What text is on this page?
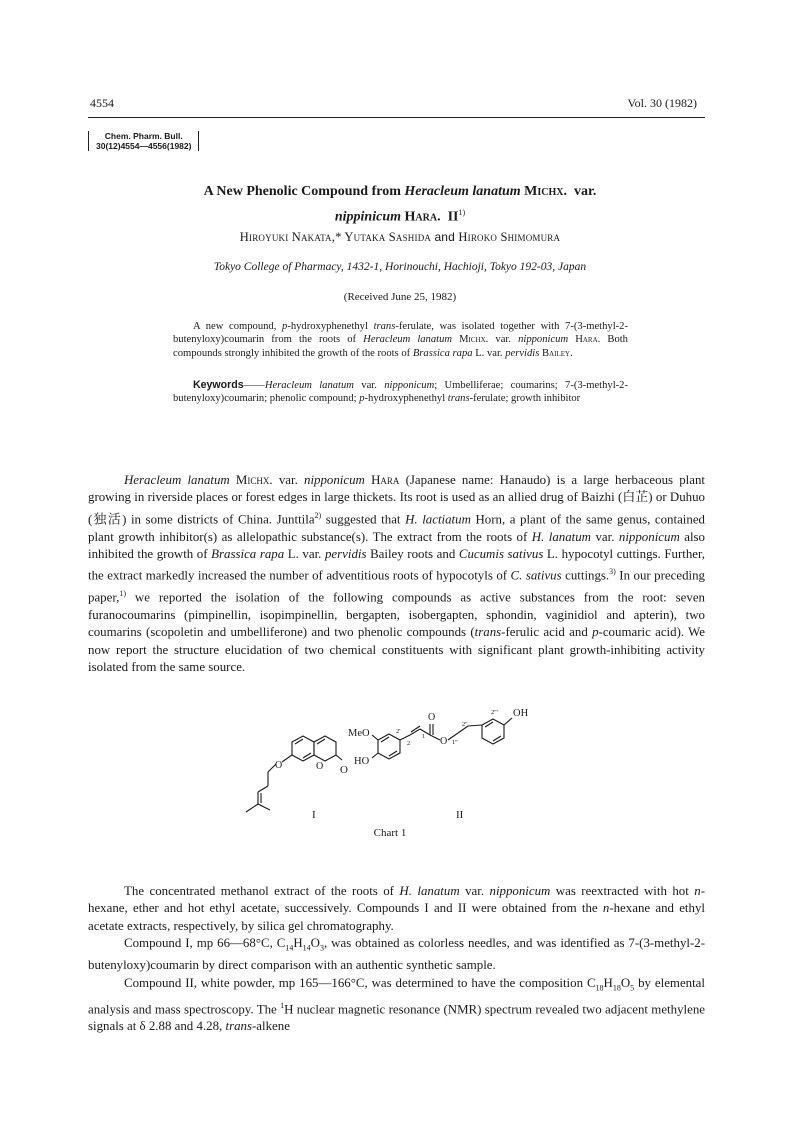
4554	Vol. 30 (1982)
Chem. Pharm. Bull.
30(12)4554—4556(1982)
A New Phenolic Compound from Heracleum lanatum Michx.  var.
nippinicum Hara.  II$^{1)}$
Hiroyuki Nakata,* Yutaka Sashida and Hiroko Shimomura
Tokyo College of Pharmacy, 1432-1, Horinouchi, Hachioji, Tokyo 192-03, Japan
(Received June 25, 1982)
A new compound, p-hydroxyphenethyl trans-ferulate, was isolated together with 7-(3-methyl-2-butenyloxy)coumarin from the roots of Heracleum lanatum Michx. var. nipponicum Hara. Both compounds strongly inhibited the growth of the roots of Brassica rapa L. var. pervidis Bailey.
Keywords——Heracleum lanatum var. nipponicum; Umbelliferae; coumarins; 7-(3-methyl-2-butenyloxy)coumarin; phenolic compound; p-hydroxyphenethyl trans-ferulate; growth inhibitor

Heracleum lanatum Michx. var. nipponicum Hara (Japanese name: Hanaudo) is a large herbaceous plant growing in riverside places or forest edges in large thickets. Its root is used as an allied drug of Baizhi (白芷) or Duhuo (独活) in some districts of China. Junttila$^{2)}$ suggested that H. lactiatum Horn, a plant of the same genus, contained plant growth inhibitor(s) as allelopathic substance(s). The extract from the roots of H. lanatum var. nipponicum also inhibited the growth of Brassica rapa L. var. pervidis Bailey roots and Cucumis sativus L. hypocotyl cuttings. Further, the extract markedly increased the number of adventitious roots of hypocotyls of C. sativus cuttings.$^{3)}$ In our preceding paper,$^{1)}$ we reported the isolation of the following compounds as active substances from the root: seven furanocoumarins (pimpinellin, isopimpinellin, bergapten, isobergapten, sphondin, vaginidiol and apterin), two coumarins (scopoletin and umbelliferone) and two phenolic compounds (trans-ferulic acid and p-coumaric acid). We now report the structure elucidation of two chemical constituents with significant plant growth-inhibiting activity isolated from the same source.

O	O O
MeO
HO
O
O
OH
2'
1
2	1''
2''
2'''
I	II
Chart 1

The concentrated methanol extract of the roots of H. lanatum var. nipponicum was reextracted with hot n-hexane, ether and hot ethyl acetate, successively. Compounds I and II were obtained from the n-hexane and ethyl acetate extracts, respectively, by silica gel chromatography.

Compound I, mp 66—68°C, $C_{14}H_{14}O_3$, was obtained as colorless needles, and was identified as 7-(3-methyl-2-butenyloxy)coumarin by direct comparison with an authentic synthetic sample.

Compound II, white powder, mp 165—166°C, was determined to have the composition $C_{18}H_{18}O_5$ by elemental analysis and mass spectroscopy. The $^1$H nuclear magnetic resonance (NMR) spectrum revealed two adjacent methylene signals at δ 2.88 and 4.28, trans-alkene
